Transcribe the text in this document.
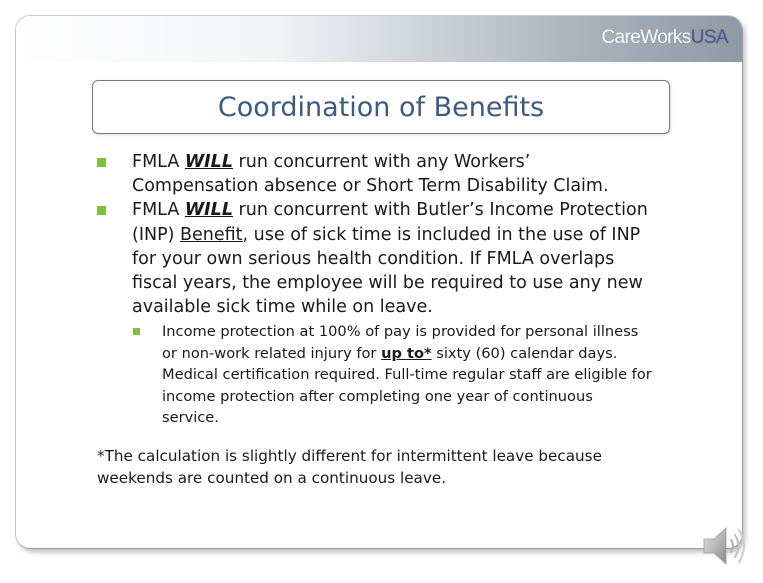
CareWorksUSA
Coordination of Benefits
FMLA WILL run concurrent with any Workers’ Compensation absence or Short Term Disability Claim.
FMLA WILL run concurrent with Butler’s Income Protection (INP) Benefit, use of sick time is included in the use of INP for your own serious health condition. If FMLA overlaps fiscal years, the employee will be required to use any new available sick time while on leave.
Income protection at 100% of pay is provided for personal illness or non-work related injury for up to* sixty (60) calendar days. Medical certification required. Full-time regular staff are eligible for income protection after completing one year of continuous service.

*The calculation is slightly different for intermittent leave because weekends are counted on a continuous leave.
